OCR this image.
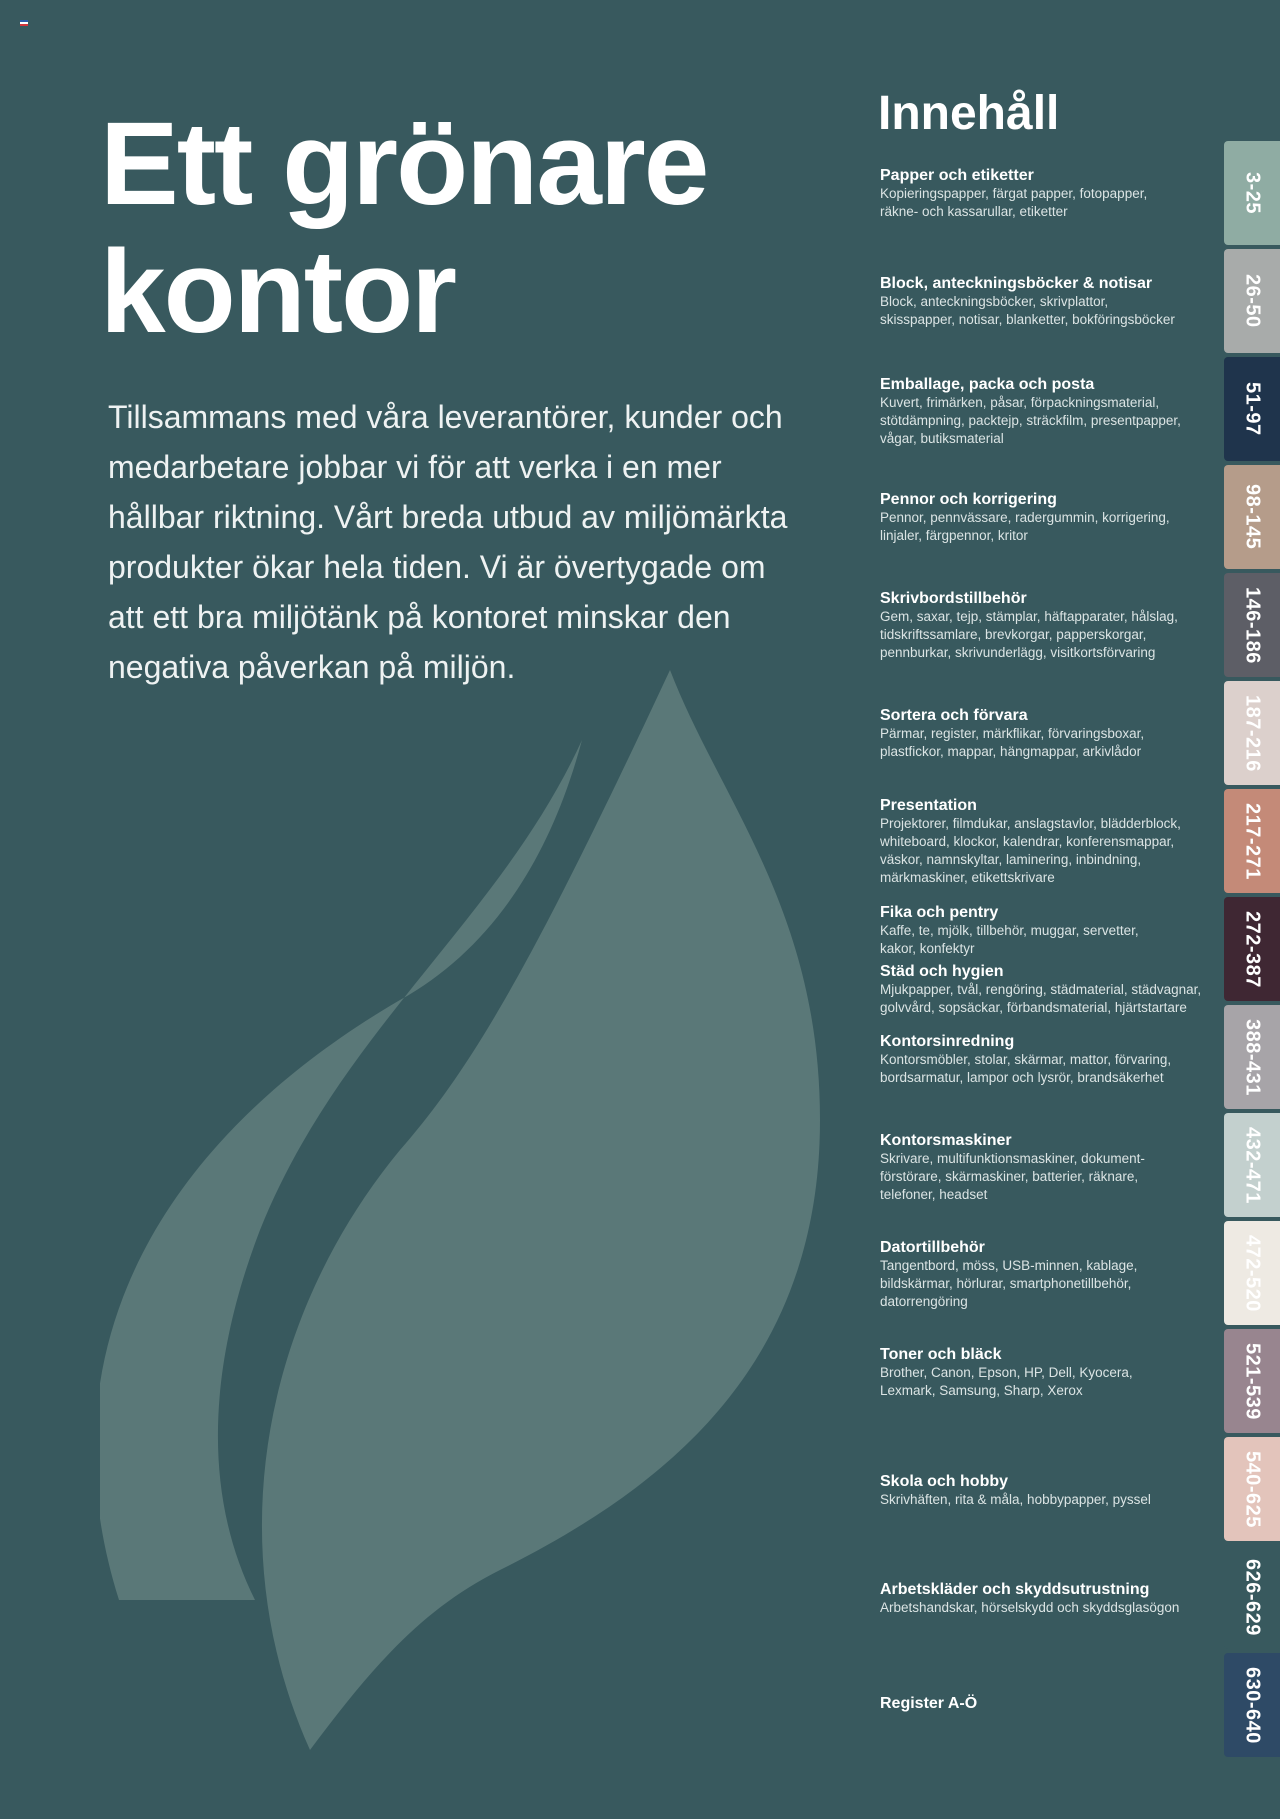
Ett grönare
kontor

Tillsammans med våra leverantörer, kunder och medarbetare jobbar vi för att verka i en mer hållbar riktning. Vårt breda utbud av miljömärkta produkter ökar hela tiden. Vi är övertygade om att ett bra miljötänk på kontoret minskar den negativa påverkan på miljön.

Innehåll
Papper och etiketter
Kopieringspapper, färgat papper, fotopapper,
räkne- och kassarullar, etiketter
Block, anteckningsböcker & notisar
Block, anteckningsböcker, skrivplattor,
skisspapper, notisar, blanketter, bokföringsböcker
Emballage, packa och posta
Kuvert, frimärken, påsar, förpackningsmaterial,
stötdämpning, packtejp, sträckfilm, presentpapper,
vågar, butiksmaterial
Pennor och korrigering
Pennor, pennvässare, radergummin, korrigering,
linjaler, färgpennor, kritor
Skrivbordstillbehör
Gem, saxar, tejp, stämplar, häftapparater, hålslag,
tidskriftssamlare, brevkorgar, papperskorgar,
pennburkar, skrivunderlägg, visitkortsförvaring
Sortera och förvara
Pärmar, register, märkflikar, förvaringsboxar,
plastfickor, mappar, hängmappar, arkivlådor
Presentation
Projektorer, filmdukar, anslagstavlor, blädderblock,
whiteboard, klockor, kalendrar, konferensmappar,
väskor, namnskyltar, laminering, inbindning,
märkmaskiner, etikettskrivare
Fika och pentry
Kaffe, te, mjölk, tillbehör, muggar, servetter,
kakor, konfektyr
Städ och hygien
Mjukpapper, tvål, rengöring, städmaterial, städvagnar,
golvvård, sopsäckar, förbandsmaterial, hjärtstartare
Kontorsinredning
Kontorsmöbler, stolar, skärmar, mattor, förvaring,
bordsarmatur, lampor och lysrör, brandsäkerhet
Kontorsmaskiner
Skrivare, multifunktionsmaskiner, dokument-
förstörare, skärmaskiner, batterier, räknare,
telefoner, headset
Datortillbehör
Tangentbord, möss, USB-minnen, kablage,
bildskärmar, hörlurar, smartphonetillbehör,
datorrengöring
Toner och bläck
Brother, Canon, Epson, HP, Dell, Kyocera,
Lexmark, Samsung, Sharp, Xerox
Skola och hobby
Skrivhäften, rita & måla, hobbypapper, pyssel
Arbetskläder och skyddsutrustning
Arbetshandskar, hörselskydd och skyddsglasögon
Register A-Ö
3-25
26-50
51-97
98-145
146-186
187-216
217-271
272-387
388-431
432-471
472-520
521-539
540-625
626-629
630-640
